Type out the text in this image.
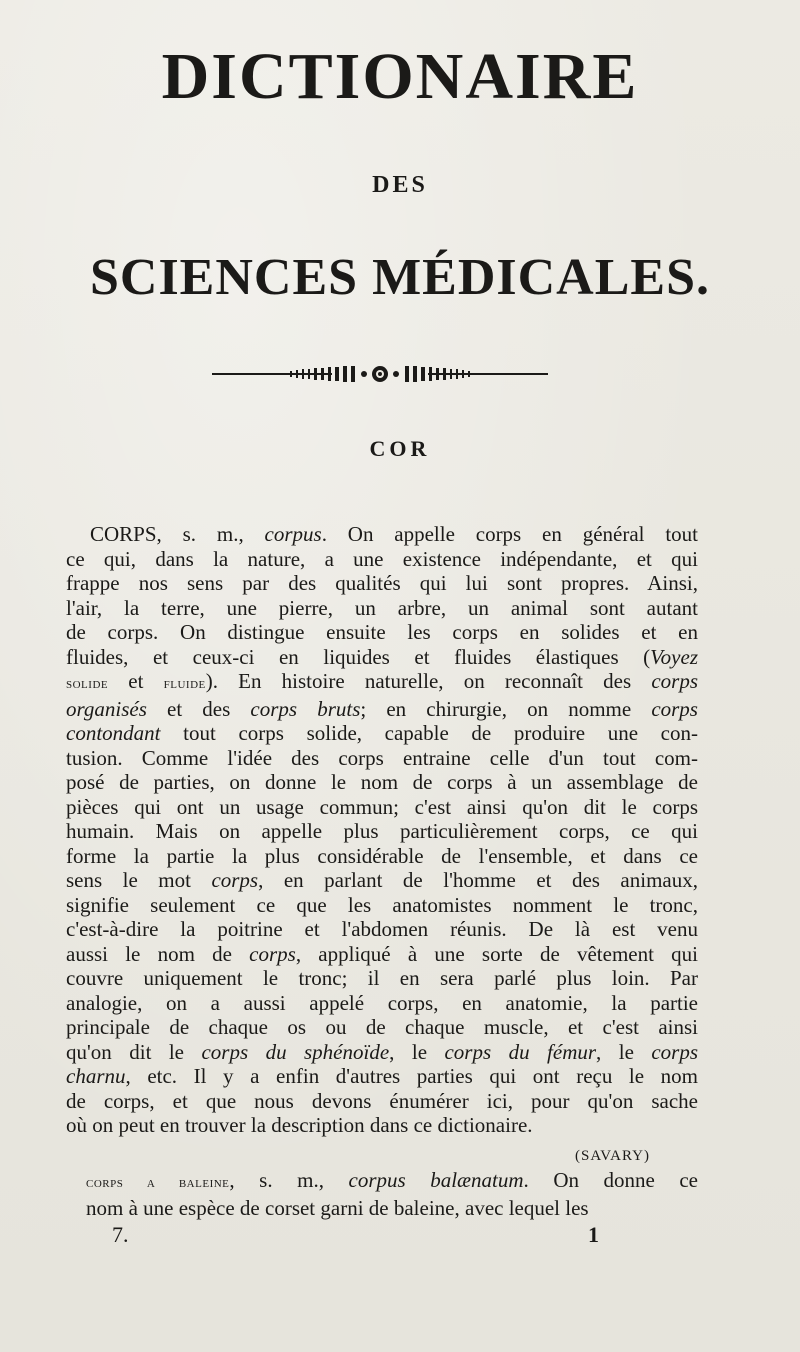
DICTIONAIRE
DES
SCIENCES MÉDICALES.
COR
CORPS, s. m., corpus. On appelle corps en général tout
ce qui, dans la nature, a une existence indépendante, et qui
frappe nos sens par des qualités qui lui sont propres. Ainsi,
l'air, la terre, une pierre, un arbre, un animal sont autant
de corps. On distingue ensuite les corps en solides et en
fluides, et ceux-ci en liquides et fluides élastiques (Voyez
solide et fluide). En histoire naturelle, on reconnaît des corps
organisés et des corps bruts; en chirurgie, on nomme corps
contondant tout corps solide, capable de produire une con-
tusion. Comme l'idée des corps entraine celle d'un tout com-
posé de parties, on donne le nom de corps à un assemblage de
pièces qui ont un usage commun; c'est ainsi qu'on dit le corps
humain. Mais on appelle plus particulièrement corps, ce qui
forme la partie la plus considérable de l'ensemble, et dans ce
sens le mot corps, en parlant de l'homme et des animaux,
signifie seulement ce que les anatomistes nomment le tronc,
c'est-à-dire la poitrine et l'abdomen réunis. De là est venu
aussi le nom de corps, appliqué à une sorte de vêtement qui
couvre uniquement le tronc; il en sera parlé plus loin. Par
analogie, on a aussi appelé corps, en anatomie, la partie
principale de chaque os ou de chaque muscle, et c'est ainsi
qu'on dit le corps du sphénoïde, le corps du fémur, le corps
charnu, etc. Il y a enfin d'autres parties qui ont reçu le nom
de corps, et que nous devons énumérer ici, pour qu'on sache
où on peut en trouver la description dans ce dictionaire.
(SAVARY)
corps a baleine, s. m., corpus balænatum. On donne ce
nom à une espèce de corset garni de baleine, avec lequel les
7.	1
